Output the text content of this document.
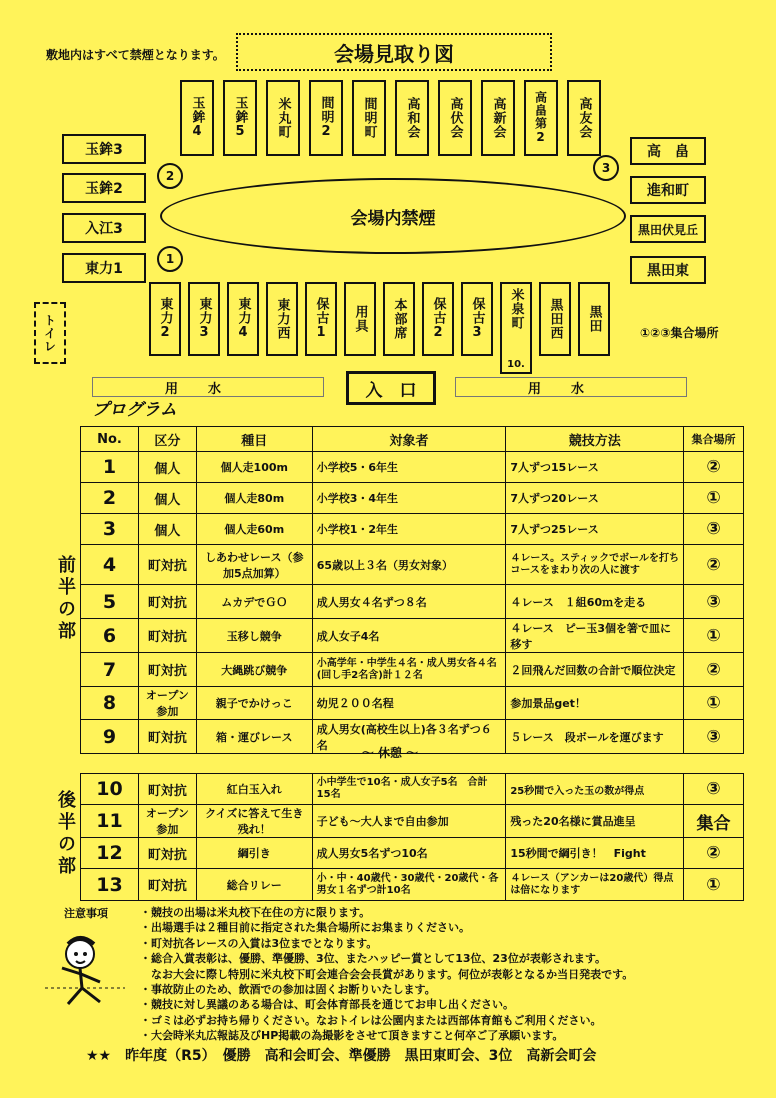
敷地内はすべて禁煙となります。	会場見取り図
玉鉾4	玉鉾5	米丸町	間明2	間明町	高和会	高伏会	高新会	高畠第2	高友会
玉鉾3
玉鉾2
入江3
東力1
高　畠
進和町
黒田伏見丘
黒田東
2
1
3
会場内禁煙
トイレ	東力2	東力3	東力4	東力西	保古1	用具	本部席	保古2	保古3	米泉町
10.
黒田西	黒田	①②③集合場所
用水	用水
入　口
プログラム
前半の部
後半の部
No.	区分	種目	対象者	競技方法	集合場所
1	個人	個人走100m	小学校5・6年生	7人ずつ15レース	②
2	個人	個人走80m	小学校3・4年生	7人ずつ20レース	①
3	個人	個人走60m	小学校1・2年生	7人ずつ25レース	③
4	町対抗	しあわせレース（参加5点加算）	65歳以上３名（男女対象）	４レース。スティックでボールを打ちコースをまわり次の人に渡す	②
5	町対抗	ムカデでＧＯ	成人男女４名ずつ８名	４レース　１組60ｍを走る	③
6	町対抗	玉移し競争	成人女子4名	４レース　ピー玉3個を箸で皿に移す	①
7	町対抗	大縄跳び競争	小高学年・中学生４名・成人男女各４名(回し手2名含)計１２名	２回飛んだ回数の合計で順位決定	②
8	オープン参加	親子でかけっこ	幼児２００名程	参加景品get！	①
9	町対抗	箱・運びレース	成人男女(高校生以上)各３名ずつ６名	５レース　段ボールを運びます	③
～ 休憩 ～
10	町対抗	紅白玉入れ	小中学生で10名・成人女子5名　合計15名	25秒間で入った玉の数が得点	③
11	オープン参加	クイズに答えて生き残れ！	子ども～大人まで自由参加	残った20名様に賞品進呈	集合
12	町対抗	綱引き	成人男女5名ずつ10名	15秒間で綱引き！　Fight	②
13	町対抗	総合リレー	小・中・40歳代・30歳代・20歳代・各男女１名ずつ計10名	４レース（アンカーは20歳代）得点は倍になります	①
注意事項	・競技の出場は米丸校下在住の方に限ります。
・出場選手は２種目前に指定された集合場所にお集まりください。
・町対抗各レースの入賞は3位までとなります。
・総合入賞表彰は、優勝、準優勝、3位、またハッピー賞として13位、23位が表彰されます。
　なお大会に際し特別に米丸校下町会連合会会長賞があります。何位が表彰となるか当日発表です。
・事故防止のため、飲酒での参加は固くお断りいたします。
・競技に対し異議のある場合は、町会体育部長を通じてお申し出ください。
・ゴミは必ずお持ち帰りください。なおトイレは公園内または西部体育館もご利用ください。
・大会時米丸広報誌及びHP掲載の為撮影をさせて頂きますこと何卒ご了承願います。
★★　昨年度（R5）　優勝　高和会町会、準優勝　黒田東町会、3位　高新会町会
